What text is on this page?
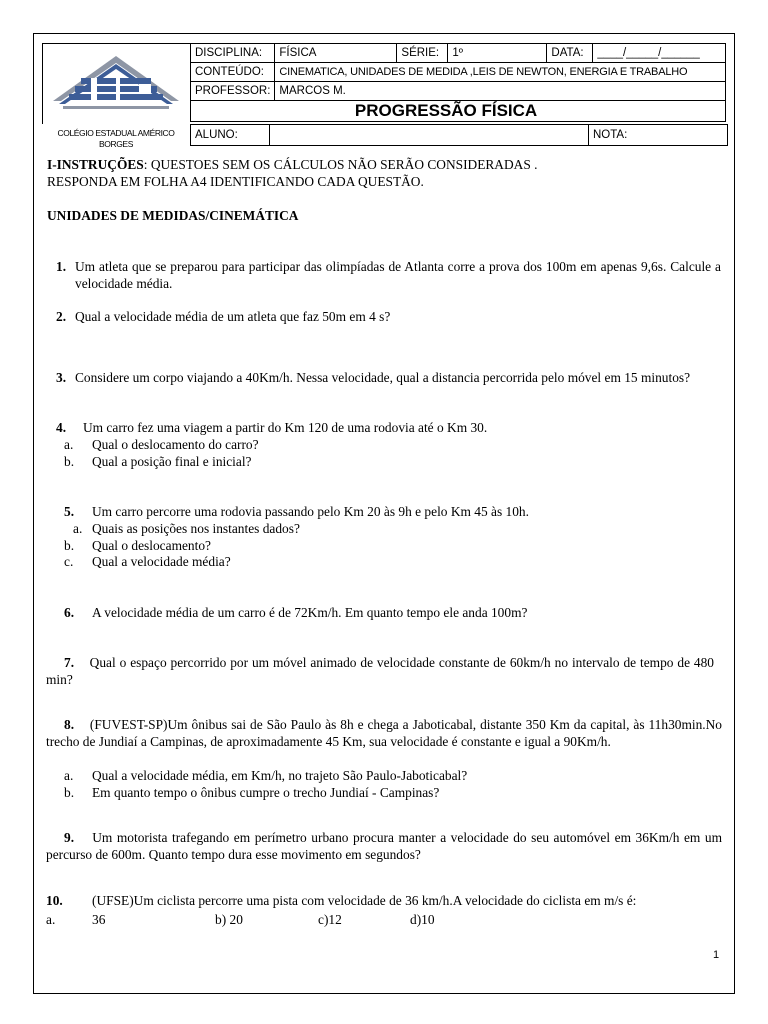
COLÉGIO ESTADUAL AMÉRICO BORGES
DISCIPLINA:	FÍSICA	SÉRIE:	1º	DATA:	____/_____/______
CONTEÚDO:	CINEMATICA, UNIDADES DE MEDIDA ,LEIS DE NEWTON, ENERGIA E TRABALHO				
PROFESSOR:	MARCOS M.				
	PROGRESSÃO FÍSICA				
ALUNO:		NOTA:
I-INSTRUÇÕES: QUESTOES SEM OS CÁLCULOS NÃO SERÃO CONSIDERADAS .
RESPONDA EM FOLHA A4 IDENTIFICANDO CADA QUESTÃO.
UNIDADES DE MEDIDAS/CINEMÁTICA
1. Um atleta que se preparou para participar das olimpíadas de Atlanta corre a prova dos 100m em apenas 9,6s. Calcule a velocidade média.
2. Qual a velocidade média de um atleta que faz 50m em 4 s?
3. Considere um corpo viajando a 40Km/h. Nessa velocidade, qual a distancia percorrida pelo móvel em 15 minutos?
4. Um carro fez uma viagem a partir do Km 120 de uma rodovia até o Km 30.
a. Qual o deslocamento do carro?
b. Qual a posição final e inicial?
5. Um carro percorre uma rodovia passando pelo Km 20 às 9h e pelo Km 45 às 10h.
a. Quais as posições nos instantes dados?
b. Qual o deslocamento?
c. Qual a velocidade média?
6. A velocidade média de um carro é de 72Km/h. Em quanto tempo ele anda 100m?
7. Qual o espaço percorrido por um móvel animado de velocidade constante de 60km/h no intervalo de tempo de 480 min?
8. (FUVEST-SP)Um ônibus sai de São Paulo às 8h e chega a Jaboticabal, distante 350 Km da capital, às 11h30min.No trecho de Jundiaí a Campinas, de aproximadamente 45 Km, sua velocidade é constante e igual a 90Km/h.
a. Qual a velocidade média, em Km/h, no trajeto São Paulo-Jaboticabal?
b. Em quanto tempo o ônibus cumpre o trecho Jundiaí - Campinas?
9. Um motorista trafegando em perímetro urbano procura manter a velocidade do seu automóvel em 36Km/h em um percurso de 600m. Quanto tempo dura esse movimento em segundos?
10. (UFSE)Um ciclista percorre uma pista com velocidade de 36 km/h.A velocidade do ciclista em m/s é:
a.	36	b) 20	c)12	d)10
1
